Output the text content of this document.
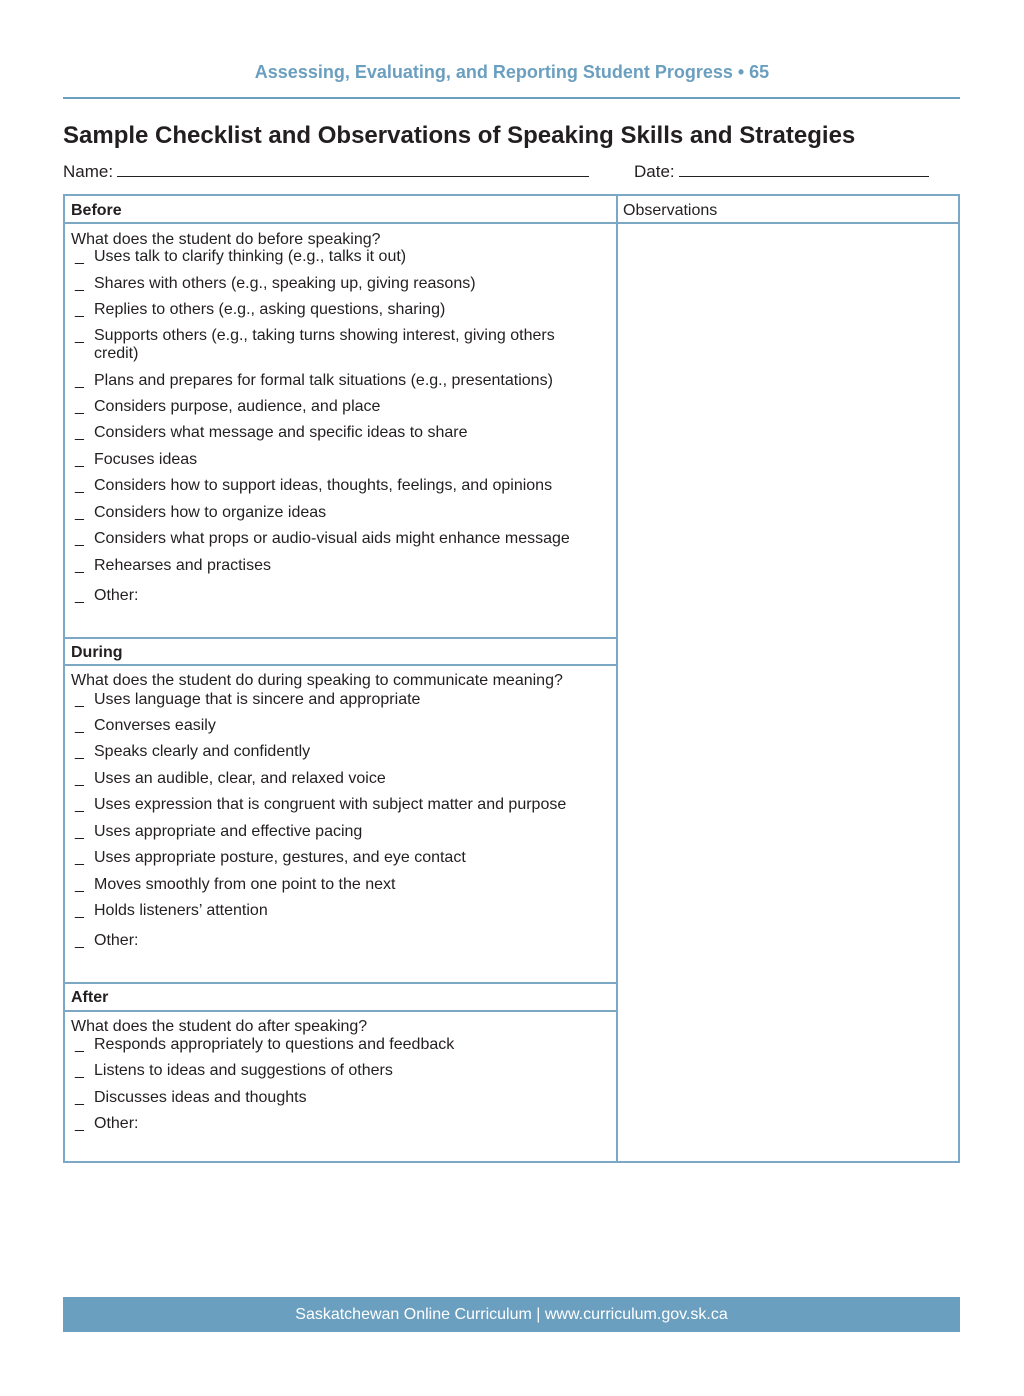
Assessing, Evaluating, and Reporting Student Progress • 65
Sample Checklist and Observations of Speaking Skills and Strategies
Name:	Date:
Before	Observations
What does the student do before speaking?
_ Uses talk to clarify thinking (e.g., talks it out)
_ Shares with others (e.g., speaking up, giving reasons)
_ Replies to others (e.g., asking questions, sharing)
_ Supports others (e.g., taking turns showing interest, giving others credit)
_ Plans and prepares for formal talk situations (e.g., presentations)
_ Considers purpose, audience, and place
_ Considers what message and specific ideas to share
_ Focuses ideas
_ Considers how to support ideas, thoughts, feelings, and opinions
_ Considers how to organize ideas
_ Considers what props or audio-visual aids might enhance message
_ Rehearses and practises
_ Other:
During
What does the student do during speaking to communicate meaning?
_ Uses language that is sincere and appropriate
_ Converses easily
_ Speaks clearly and confidently
_ Uses an audible, clear, and relaxed voice
_ Uses expression that is congruent with subject matter and purpose
_ Uses appropriate and effective pacing
_ Uses appropriate posture, gestures, and eye contact
_ Moves smoothly from one point to the next
_ Holds listeners’ attention
_ Other:
After
What does the student do after speaking?
_ Responds appropriately to questions and feedback
_ Listens to ideas and suggestions of others
_ Discusses ideas and thoughts
_ Other:
Saskatchewan Online Curriculum | www.curriculum.gov.sk.ca
